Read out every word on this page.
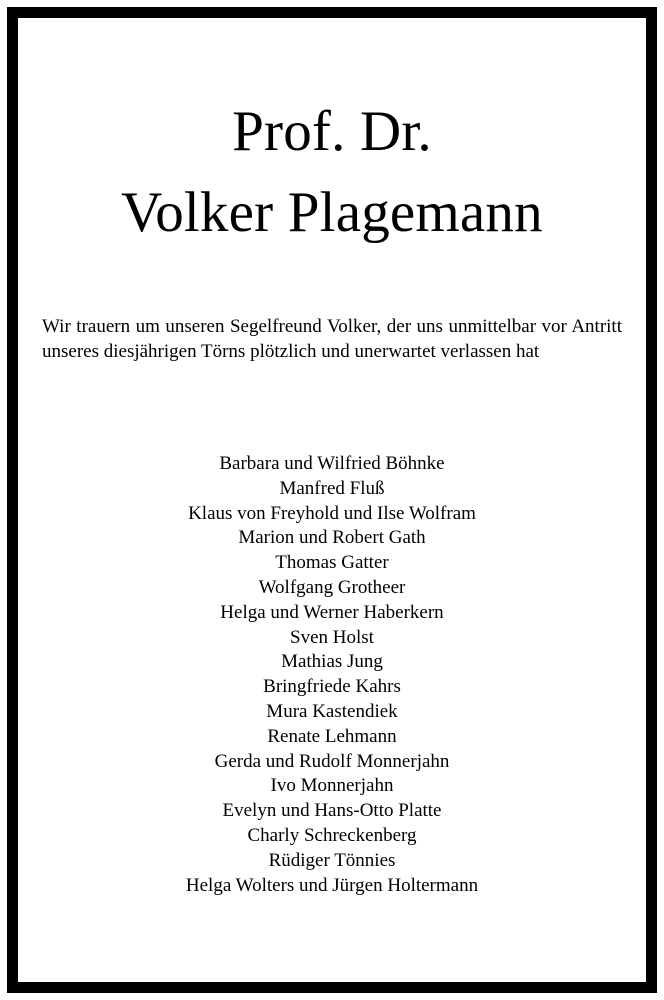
Prof. Dr.
Volker Plagemann

Wir trauern um unseren Segelfreund Volker, der uns unmittelbar vor Antritt unseres diesjährigen Törns plötzlich und unerwartet verlassen hat

Barbara und Wilfried Böhnke
Manfred Fluß
Klaus von Freyhold und Ilse Wolfram
Marion und Robert Gath
Thomas Gatter
Wolfgang Grotheer
Helga und Werner Haberkern
Sven Holst
Mathias Jung
Bringfriede Kahrs
Mura Kastendiek
Renate Lehmann
Gerda und Rudolf Monnerjahn
Ivo Monnerjahn
Evelyn und Hans-Otto Platte
Charly Schreckenberg
Rüdiger Tönnies
Helga Wolters und Jürgen Holtermann
